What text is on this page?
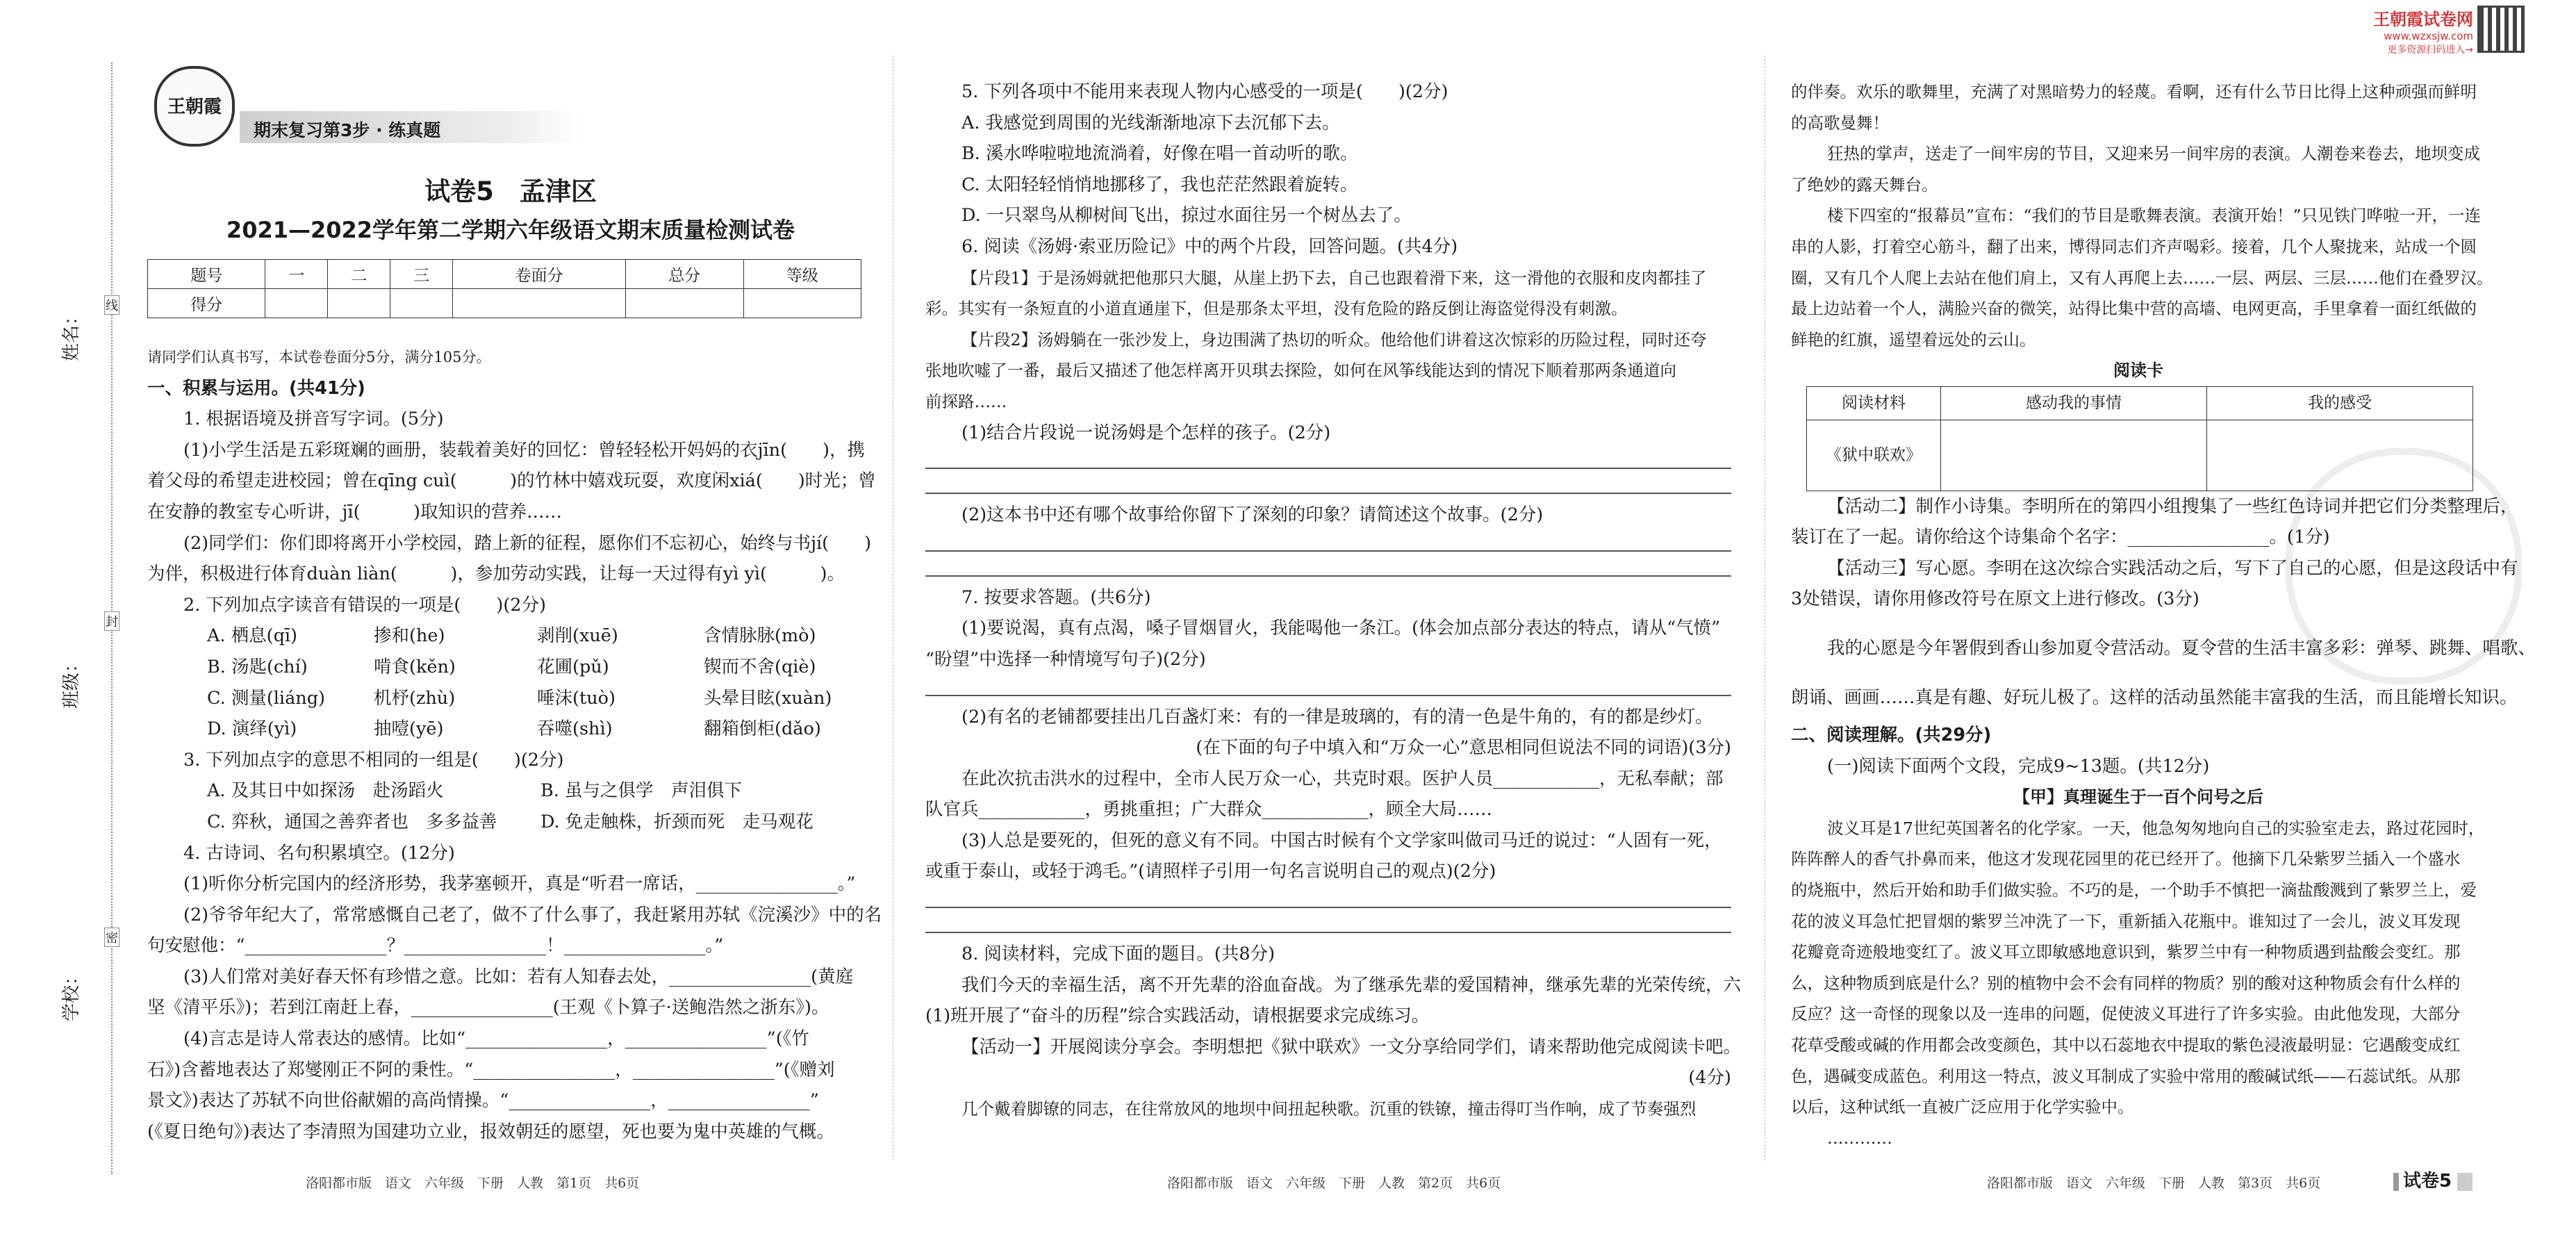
线
封
密
姓名：
班级：
学校：
王朝霞
期末复习第3步 · 练真题
试卷5　 孟津区
2021—2022学年第二学期六年级语文期末质量检测试卷
题号	一	二	三	卷面分	总分	等级
得分						

请同学们认真书写，本试卷卷面分5分，满分105分。

一、积累与运用。(共41分)

1. 根据语境及拼音写字词。(5分)

(1)小学生活是五彩斑斓的画册，装载着美好的回忆：曾轻轻松开妈妈的衣jīn(　　)，携

着父母的希望走进校园；曾在qīng cuì(　　　)的竹林中嬉戏玩耍，欢度闲xiá(　　)时光；曾

在安静的教室专心听讲，jī(　　　)取知识的营养……

(2)同学们：你们即将离开小学校园，踏上新的征程，愿你们不忘初心，始终与书jí(　　)

为伴，积极进行体育duàn liàn(　　　)，参加劳动实践，让每一天过得有yì yì(　　　)。

2. 下列加点字读音有错误的一项是(　　)(2分)

A. 栖息(qī)	掺和(he)	剥削(xuē)	含情脉脉(mò)

B. 汤匙(chí)	啃食(kěn)	花圃(pǔ)	锲而不舍(qiè)

C. 测量(liáng)	机杼(zhù)	唾沫(tuò)	头晕目眩(xuàn)

D. 演绎(yì)	抽噎(yē)	吞噬(shì)	翻箱倒柜(dǎo)

3. 下列加点字的意思不相同的一组是(　　)(2分)

A. 及其日中如探汤　赴汤蹈火	B. 虽与之俱学　声泪俱下

C. 弈秋，通国之善弈者也　多多益善 D. 免走触株，折颈而死　走马观花

4. 古诗词、名句积累填空。(12分)

(1)听你分析完国内的经济形势，我茅塞顿开，真是“听君一席话，________________。”

(2)爷爷年纪大了，常常感慨自己老了，做不了什么事了，我赶紧用苏轼《浣溪沙》中的名

句安慰他：“________________？________________！________________。”

(3)人们常对美好春天怀有珍惜之意。比如：若有人知春去处，________________(黄庭

坚《清平乐》)；若到江南赶上春，________________(王观《卜算子·送鲍浩然之浙东》)。

(4)言志是诗人常表达的感情。比如“________________，________________”(《竹

石》)含蓄地表达了郑燮刚正不阿的秉性。“________________，________________”(《赠刘

景文》)表达了苏轼不向世俗献媚的高尚情操。“________________，________________”

(《夏日绝句》)表达了李清照为国建功立业，报效朝廷的愿望，死也要为鬼中英雄的气概。

5. 下列各项中不能用来表现人物内心感受的一项是(　　)(2分)

A. 我感觉到周围的光线渐渐地凉下去沉郁下去。

B. 溪水哗啦啦地流淌着，好像在唱一首动听的歌。

C. 太阳轻轻悄悄地挪移了，我也茫茫然跟着旋转。

D. 一只翠鸟从柳树间飞出，掠过水面往另一个树丛去了。

6. 阅读《汤姆·索亚历险记》中的两个片段，回答问题。(共4分)

【片段1】于是汤姆就把他那只大腿，从崖上扔下去，自己也跟着滑下来，这一滑他的衣服和皮肉都挂了

彩。其实有一条短直的小道直通崖下，但是那条太平坦，没有危险的路反倒让海盗觉得没有刺激。

【片段2】汤姆躺在一张沙发上，身边围满了热切的听众。他给他们讲着这次惊彩的历险过程，同时还夸

张地吹嘘了一番，最后又描述了他怎样离开贝琪去探险，如何在风筝线能达到的情况下顺着那两条通道向

前探路……

(1)结合片段说一说汤姆是个怎样的孩子。(2分)

(2)这本书中还有哪个故事给你留下了深刻的印象？请简述这个故事。(2分)

7. 按要求答题。(共6分)

(1)要说渴，真有点渴，嗓子冒烟冒火，我能喝他一条江。(体会加点部分表达的特点，请从“气愤”

“盼望”中选择一种情境写句子)(2分)

(2)有名的老铺都要挂出几百盏灯来：有的一律是玻璃的，有的清一色是牛角的，有的都是纱灯。

(在下面的句子中填入和“万众一心”意思相同但说法不同的词语)(3分)

在此次抗击洪水的过程中，全市人民万众一心，共克时艰。医护人员____________，无私奉献；部

队官兵____________，勇挑重担；广大群众____________，顾全大局……

(3)人总是要死的，但死的意义有不同。中国古时候有个文学家叫做司马迁的说过：“人固有一死，

或重于泰山，或轻于鸿毛。”(请照样子引用一句名言说明自己的观点)(2分)

8. 阅读材料，完成下面的题目。(共8分)

我们今天的幸福生活，离不开先辈的浴血奋战。为了继承先辈的爱国精神，继承先辈的光荣传统，六

(1)班开展了“奋斗的历程”综合实践活动，请根据要求完成练习。

【活动一】开展阅读分享会。李明想把《狱中联欢》一文分享给同学们，请来帮助他完成阅读卡吧。

(4分)

几个戴着脚镣的同志，在往常放风的地坝中间扭起秧歌。沉重的铁镣，撞击得叮当作响，成了节奏强烈

王朝霞试卷网
www.wzxsjw.com
更多资源扫码进入→

的伴奏。欢乐的歌舞里，充满了对黑暗势力的轻蔑。看啊，还有什么节日比得上这种顽强而鲜明

的高歌曼舞！

狂热的掌声，送走了一间牢房的节目，又迎来另一间牢房的表演。人潮卷来卷去，地坝变成

了绝妙的露天舞台。

楼下四室的“报幕员”宣布：“我们的节目是歌舞表演。表演开始！”只见铁门哗啦一开，一连

串的人影，打着空心筋斗，翻了出来，博得同志们齐声喝彩。接着，几个人聚拢来，站成一个圆

圈，又有几个人爬上去站在他们肩上，又有人再爬上去……一层、两层、三层……他们在叠罗汉。

最上边站着一个人，满脸兴奋的微笑，站得比集中营的高墙、电网更高，手里拿着一面红纸做的

鲜艳的红旗，遥望着远处的云山。

阅读卡

阅读材料	感动我的事情	我的感受
《狱中联欢》		

【活动二】制作小诗集。李明所在的第四小组搜集了一些红色诗词并把它们分类整理后，

装订在了一起。请你给这个诗集命个名字：________________。(1分)

【活动三】写心愿。李明在这次综合实践活动之后，写下了自己的心愿，但是这段话中有

3处错误，请你用修改符号在原文上进行修改。(3分)

我的心愿是今年署假到香山参加夏令营活动。夏令营的生活丰富多彩：弹琴、跳舞、唱歌、

朗诵、画画……真是有趣、好玩儿极了。这样的活动虽然能丰富我的生活，而且能增长知识。

二、阅读理解。(共29分)

(一)阅读下面两个文段，完成9~13题。(共12分)

【甲】真理诞生于一百个问号之后

波义耳是17世纪英国著名的化学家。一天，他急匆匆地向自己的实验室走去，路过花园时，

阵阵醉人的香气扑鼻而来，他这才发现花园里的花已经开了。他摘下几朵紫罗兰插入一个盛水

的烧瓶中，然后开始和助手们做实验。不巧的是，一个助手不慎把一滴盐酸溅到了紫罗兰上，爱

花的波义耳急忙把冒烟的紫罗兰冲洗了一下，重新插入花瓶中。谁知过了一会儿，波义耳发现

花瓣竟奇迹般地变红了。波义耳立即敏感地意识到，紫罗兰中有一种物质遇到盐酸会变红。那

么，这种物质到底是什么？别的植物中会不会有同样的物质？别的酸对这种物质会有什么样的

反应？这一奇怪的现象以及一连串的问题，促使波义耳进行了许多实验。由此他发现，大部分

花草受酸或碱的作用都会改变颜色，其中以石蕊地衣中提取的紫色浸液最明显：它遇酸变成红

色，遇碱变成蓝色。利用这一特点，波义耳制成了实验中常用的酸碱试纸——石蕊试纸。从那

以后，这种试纸一直被广泛应用于化学实验中。

…………

洛阳都市版　语文　六年级　下册　人教　第1页　共6页	洛阳都市版　语文　六年级　下册　人教　第2页　共6页	洛阳都市版　语文　六年级　下册　人教　第3页　共6页	试卷5
